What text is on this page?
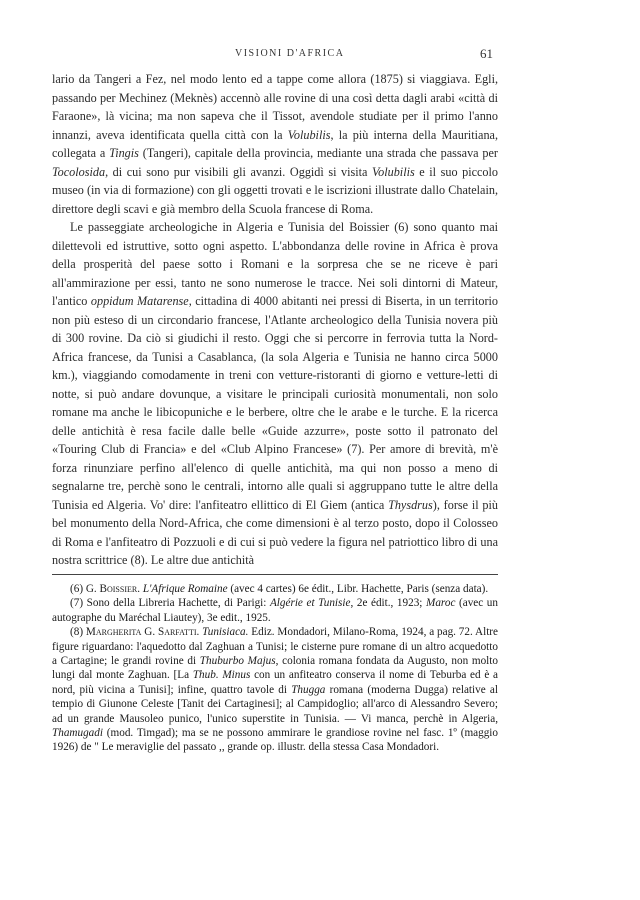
VISIONI D'AFRICA	61

lario da Tangeri a Fez, nel modo lento ed a tappe come allora (1875) si viaggiava. Egli, passando per Mechinez (Meknès) accennò alle rovine di una così detta dagli arabi «città di Faraone», là vicina; ma non sapeva che il Tissot, avendole studiate per il primo l'anno innanzi, aveva identificata quella città con la Volubilis, la più interna della Mauritiana, collegata a Tingis (Tangeri), capitale della provincia, mediante una strada che passava per Tocolosida, di cui sono pur visibili gli avanzi. Oggidì si visita Volubilis e il suo piccolo museo (in via di formazione) con gli oggetti trovati e le iscrizioni illustrate dallo Chatelain, direttore degli scavi e già membro della Scuola francese di Roma.

Le passeggiate archeologiche in Algeria e Tunisia del Boissier (6) sono quanto mai dilettevoli ed istruttive, sotto ogni aspetto. L'abbondanza delle rovine in Africa è prova della prosperità del paese sotto i Romani e la sorpresa che se ne riceve è pari all'ammirazione per essi, tanto ne sono numerose le tracce. Nei soli dintorni di Mateur, l'antico oppidum Matarense, cittadina di 4000 abitanti nei pressi di Biserta, in un territorio non più esteso di un circondario francese, l'Atlante archeologico della Tunisia novera più di 300 rovine. Da ciò si giudichi il resto. Oggi che si percorre in ferrovia tutta la Nord-Africa francese, da Tunisi a Casablanca, (la sola Algeria e Tunisia ne hanno circa 5000 km.), viaggiando comodamente in treni con vetture-ristoranti di giorno e vetture-letti di notte, si può andare dovunque, a visitare le principali curiosità monumentali, non solo romane ma anche le libicopuniche e le berbere, oltre che le arabe e le turche. E la ricerca delle antichità è resa facile dalle belle «Guide azzurre», poste sotto il patronato del «Touring Club di Francia» e del «Club Alpino Francese» (7). Per amore di brevità, m'è forza rinunziare perfino all'elenco di quelle antichità, ma qui non posso a meno di segnalarne tre, perchè sono le centrali, intorno alle quali si aggruppano tutte le altre della Tunisia ed Algeria. Vo' dire: l'anfiteatro ellittico di El Giem (antica Thysdrus), forse il più bel monumento della Nord-Africa, che come dimensioni è al terzo posto, dopo il Colosseo di Roma e l'anfiteatro di Pozzuoli e di cui si può vedere la figura nel patriottico libro di una nostra scrittrice (8). Le altre due antichità

(6) G. Boissier. L'Afrique Romaine (avec 4 cartes) 6e édit., Libr. Hachette, Paris (senza data).

(7) Sono della Libreria Hachette, di Parigi: Algérie et Tunisie, 2e édit., 1923; Maroc (avec un autographe du Maréchal Liautey), 3e edit., 1925.

(8) Margherita G. Sarfatti. Tunisiaca. Ediz. Mondadori, Milano-Roma, 1924, a pag. 72. Altre figure riguardano: l'aquedotto dal Zaghuan a Tunisi; le cisterne pure romane di un altro acquedotto a Cartagine; le grandi rovine di Thuburbo Majus, colonia romana fondata da Augusto, non molto lungi dal monte Zaghuan. [La Thub. Minus con un anfiteatro conserva il nome di Teburba ed è a nord, più vicina a Tunisi]; infine, quattro tavole di Thugga romana (moderna Dugga) relative al tempio di Giunone Celeste [Tanit dei Cartaginesi]; al Campidoglio; all'arco di Alessandro Severo; ad un grande Mausoleo punico, l'unico superstite in Tunisia. — Vi manca, perchè in Algeria, Thamugadi (mod. Timgad); ma se ne possono ammirare le grandiose rovine nel fasc. 1º (maggio 1926) de " Le meraviglie del passato ,, grande op. illustr. della stessa Casa Mondadori.
